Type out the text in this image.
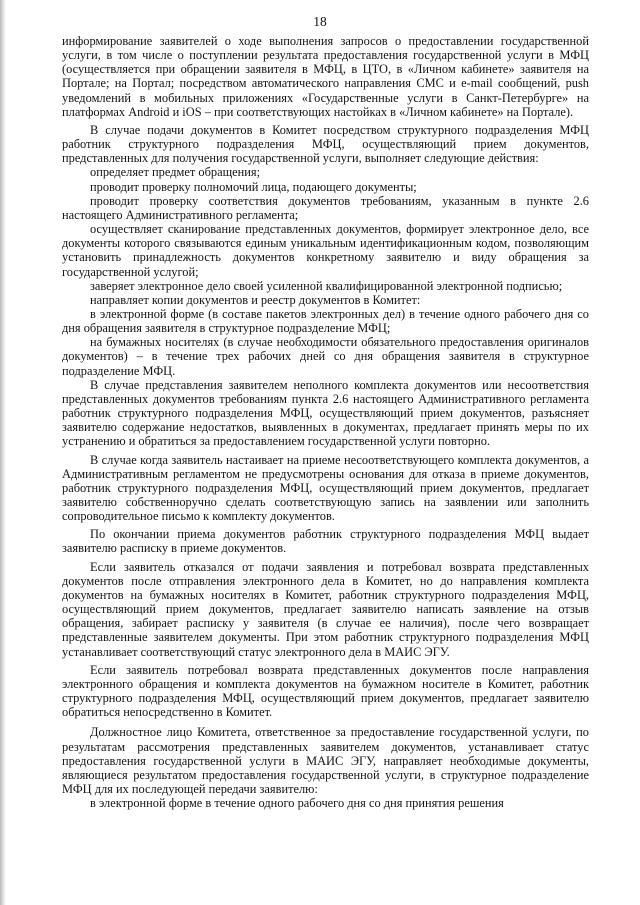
18

информирование заявителей о ходе выполнения запросов о предоставлении государственной услуги, в том числе о поступлении результата предоставления государственной услуги в МФЦ (осуществляется при обращении заявителя в МФЦ, в ЦТО, в «Личном кабинете» заявителя на Портале; на Портал; посредством автоматического направления СМС и e-mail сообщений, push уведомлений в мобильных приложениях «Государственные услуги в Санкт-Петербурге» на платформах Android и iOS – при соответствующих настойках в «Личном кабинете» на Портале).

В случае подачи документов в Комитет посредством структурного подразделения МФЦ работник структурного подразделения МФЦ, осуществляющий прием документов, представленных для получения государственной услуги, выполняет следующие действия:

определяет предмет обращения;

проводит проверку полномочий лица, подающего документы;

проводит проверку соответствия документов требованиям, указанным в пункте 2.6 настоящего Административного регламента;

осуществляет сканирование представленных документов, формирует электронное дело, все документы которого связываются единым уникальным идентификационным кодом, позволяющим установить принадлежность документов конкретному заявителю и виду обращения за государственной услугой;

заверяет электронное дело своей усиленной квалифицированной электронной подписью;

направляет копии документов и реестр документов в Комитет:

в электронной форме (в составе пакетов электронных дел) в течение одного рабочего дня со дня обращения заявителя в структурное подразделение МФЦ;

на бумажных носителях (в случае необходимости обязательного предоставления оригиналов документов) – в течение трех рабочих дней со дня обращения заявителя в структурное подразделение МФЦ.

В случае представления заявителем неполного комплекта документов или несоответствия представленных документов требованиям пункта 2.6 настоящего Административного регламента работник структурного подразделения МФЦ, осуществляющий прием документов, разъясняет заявителю содержание недостатков, выявленных в документах, предлагает принять меры по их устранению и обратиться за предоставлением государственной услуги повторно.

В случае когда заявитель настаивает на приеме несоответствующего комплекта документов, а Административным регламентом не предусмотрены основания для отказа в приеме документов, работник структурного подразделения МФЦ, осуществляющий прием документов, предлагает заявителю собственноручно сделать соответствующую запись на заявлении или заполнить сопроводительное письмо к комплекту документов.

По окончании приема документов работник структурного подразделения МФЦ выдает заявителю расписку в приеме документов.

Если заявитель отказался от подачи заявления и потребовал возврата представленных документов после отправления электронного дела в Комитет, но до направления комплекта документов на бумажных носителях в Комитет, работник структурного подразделения МФЦ, осуществляющий прием документов, предлагает заявителю написать заявление на отзыв обращения, забирает расписку у заявителя (в случае ее наличия), после чего возвращает представленные заявителем документы. При этом работник структурного подразделения МФЦ устанавливает соответствующий статус электронного дела в МАИС ЭГУ.

Если заявитель потребовал возврата представленных документов после направления электронного обращения и комплекта документов на бумажном носителе в Комитет, работник структурного подразделения МФЦ, осуществляющий прием документов, предлагает заявителю обратиться непосредственно в Комитет.

Должностное лицо Комитета, ответственное за предоставление государственной услуги, по результатам рассмотрения представленных заявителем документов, устанавливает статус предоставления государственной услуги в МАИС ЭГУ, направляет необходимые документы, являющиеся результатом предоставления государственной услуги, в структурное подразделение МФЦ для их последующей передачи заявителю:

в электронной форме в течение одного рабочего дня со дня принятия решения
